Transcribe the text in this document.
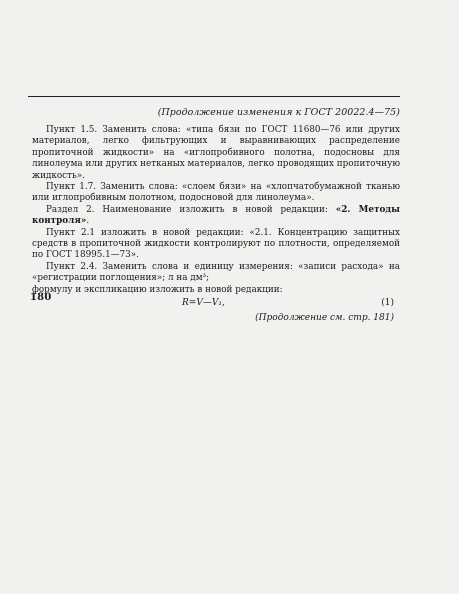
(Продолжение изменения к ГОСТ 20022.4—75)

Пункт 1.5. Заменить слова: «типа бязи по ГОСТ 11680—76 или других материалов, легко фильтрующих и выравнивающих распределение пропиточной жидкости» на «иглопробивного полотна, подосновы для линолеума или других нетканых материалов, легко проводящих пропиточную жидкость».

Пункт 1.7. Заменить слова: «слоем бязи» на «хлопчатобумажной тканью или иглопробивным полотном, подосновой для линолеума».

Раздел 2. Наименование изложить в новой редакции: «2. Методы контроля».

Пункт 2.1 изложить в новой редакции: «2.1. Концентрацию защитных средств в пропиточной жидкости контролируют по плотности, определяемой по ГОСТ 18995.1—73».

Пункт 2.4. Заменить слова и единицу измерения: «записи расхода» на «регистрации поглощения»; л на дм³;

формулу и экспликацию изложить в новой редакции:

R=V—V₁,	(1)
(Продолжение см. стр. 181)
180
